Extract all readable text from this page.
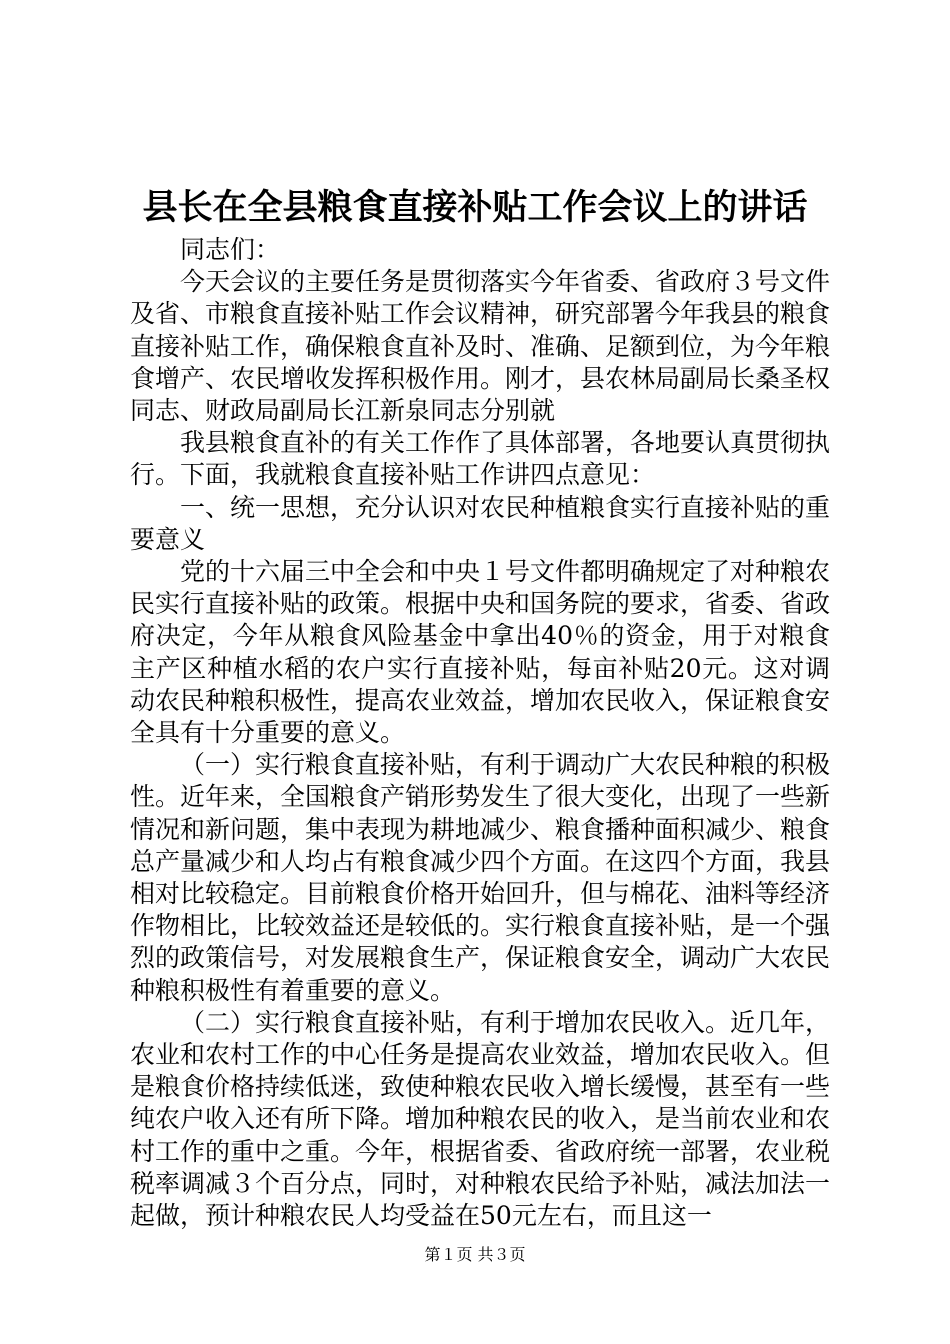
县长在全县粮食直接补贴工作会议上的讲话

同志们：

今天会议的主要任务是贯彻落实今年省委、省政府３号文件及省、市粮食直接补贴工作会议精神，研究部署今年我县的粮食直接补贴工作，确保粮食直补及时、准确、足额到位，为今年粮食增产、农民增收发挥积极作用。刚才，县农林局副局长桑圣权同志、财政局副局长江新泉同志分别就

我县粮食直补的有关工作作了具体部署，各地要认真贯彻执行。下面，我就粮食直接补贴工作讲四点意见：

一、统一思想，充分认识对农民种植粮食实行直接补贴的重要意义

党的十六届三中全会和中央１号文件都明确规定了对种粮农民实行直接补贴的政策。根据中央和国务院的要求，省委、省政府决定，今年从粮食风险基金中拿出40％的资金，用于对粮食主产区种植水稻的农户实行直接补贴，每亩补贴20元。这对调动农民种粮积极性，提高农业效益，增加农民收入，保证粮食安全具有十分重要的意义。

（一）实行粮食直接补贴，有利于调动广大农民种粮的积极性。近年来，全国粮食产销形势发生了很大变化，出现了一些新情况和新问题，集中表现为耕地减少、粮食播种面积减少、粮食总产量减少和人均占有粮食减少四个方面。在这四个方面，我县相对比较稳定。目前粮食价格开始回升，但与棉花、油料等经济作物相比，比较效益还是较低的。实行粮食直接补贴，是一个强烈的政策信号，对发展粮食生产，保证粮食安全，调动广大农民种粮积极性有着重要的意义。

（二）实行粮食直接补贴，有利于增加农民收入。近几年，农业和农村工作的中心任务是提高农业效益，增加农民收入。但是粮食价格持续低迷，致使种粮农民收入增长缓慢，甚至有一些纯农户收入还有所下降。增加种粮农民的收入，是当前农业和农村工作的重中之重。今年，根据省委、省政府统一部署，农业税税率调减３个百分点，同时，对种粮农民给予补贴，减法加法一起做，预计种粮农民人均受益在50元左右，而且这一

第１页 共３页
